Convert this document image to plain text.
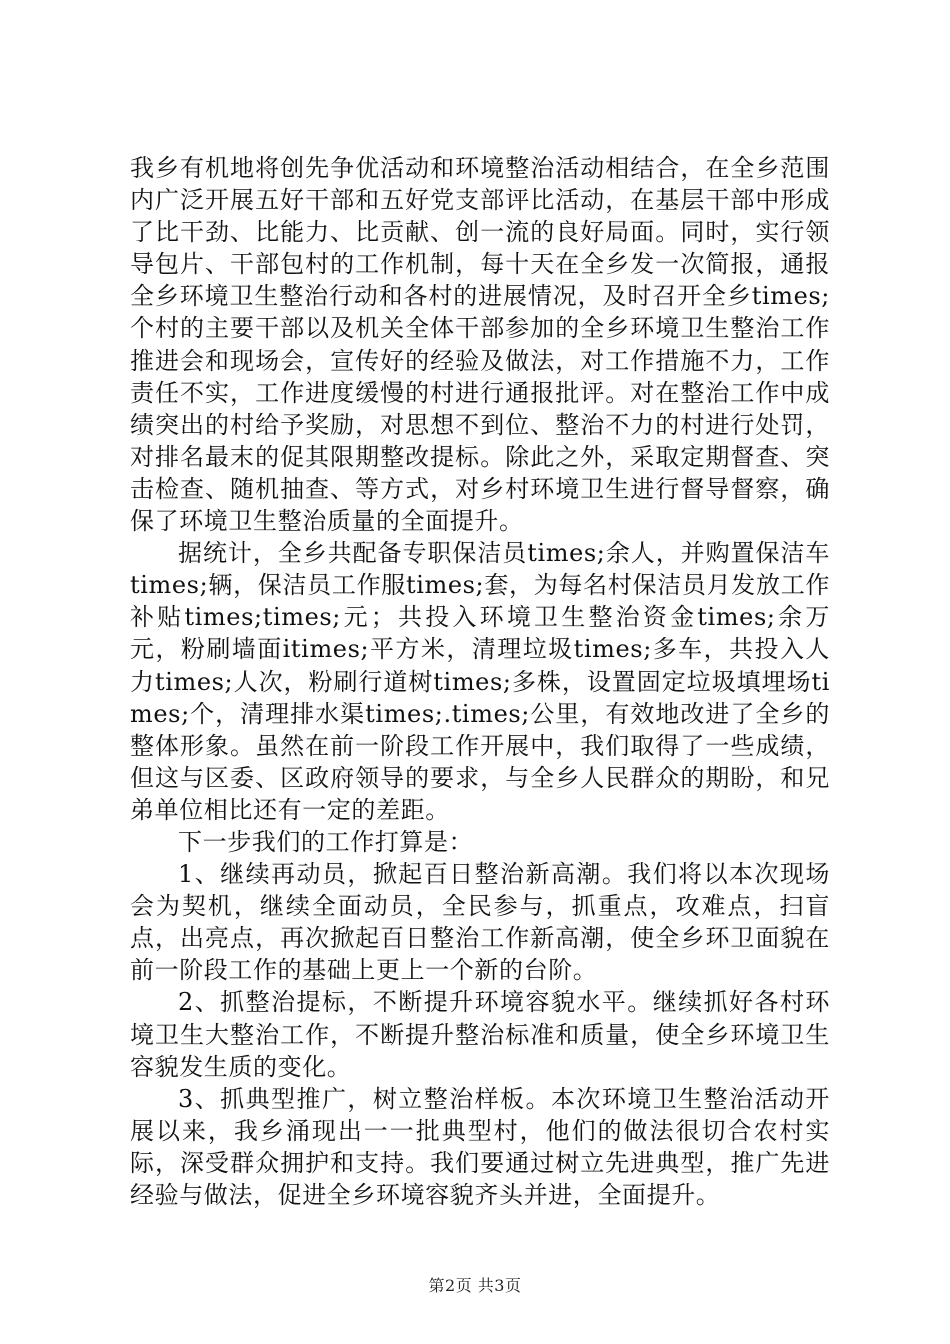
我乡有机地将创先争优活动和环境整治活动相结合，在全乡范围内广泛开展五好干部和五好党支部评比活动，在基层干部中形成了比干劲、比能力、比贡献、创一流的良好局面。同时，实行领导包片、干部包村的工作机制，每十天在全乡发一次简报，通报全乡环境卫生整治行动和各村的进展情况，及时召开全乡times;个村的主要干部以及机关全体干部参加的全乡环境卫生整治工作推进会和现场会，宣传好的经验及做法，对工作措施不力，工作责任不实，工作进度缓慢的村进行通报批评。对在整治工作中成绩突出的村给予奖励，对思想不到位、整治不力的村进行处罚，对排名最末的促其限期整改提标。除此之外，采取定期督查、突击检查、随机抽查、等方式，对乡村环境卫生进行督导督察，确保了环境卫生整治质量的全面提升。

据统计，全乡共配备专职保洁员times;余人，并购置保洁车times;辆，保洁员工作服times;套，为每名村保洁员月发放工作补贴times;times;元；共投入环境卫生整治资金times;余万元，粉刷墙面itimes;平方米，清理垃圾times;多车，共投入人力times;人次，粉刷行道树times;多株，设置固定垃圾填埋场times;个，清理排水渠times;.times;公里，有效地改进了全乡的整体形象。虽然在前一阶段工作开展中，我们取得了一些成绩，但这与区委、区政府领导的要求，与全乡人民群众的期盼，和兄弟单位相比还有一定的差距。

下一步我们的工作打算是：

1、继续再动员，掀起百日整治新高潮。我们将以本次现场会为契机，继续全面动员，全民参与，抓重点，攻难点，扫盲点，出亮点，再次掀起百日整治工作新高潮，使全乡环卫面貌在前一阶段工作的基础上更上一个新的台阶。

2、抓整治提标，不断提升环境容貌水平。继续抓好各村环境卫生大整治工作，不断提升整治标准和质量，使全乡环境卫生容貌发生质的变化。

3、抓典型推广，树立整治样板。本次环境卫生整治活动开展以来，我乡涌现出一一批典型村，他们的做法很切合农村实际，深受群众拥护和支持。我们要通过树立先进典型，推广先进经验与做法，促进全乡环境容貌齐头并进，全面提升。

第2页 共3页
